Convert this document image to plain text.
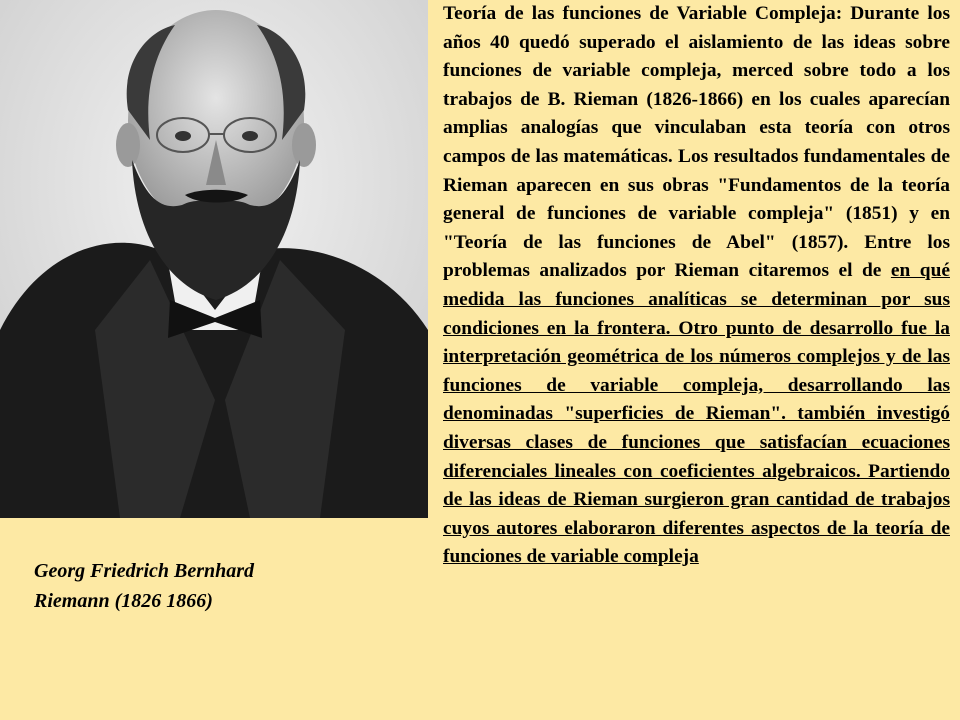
Georg Friedrich Bernhard
Riemann (1826 1866)

Teoría de las funciones de Variable Compleja: Durante los años 40 quedó superado el aislamiento de las ideas sobre funciones de variable compleja, merced sobre todo a los trabajos de B. Rieman (1826-1866) en los cuales aparecían amplias analogías que vinculaban esta teoría con otros campos de las matemáticas. Los resultados fundamentales de Rieman aparecen en sus obras "Fundamentos de la teoría general de funciones de variable compleja" (1851) y en "Teoría de las funciones de Abel" (1857). Entre los problemas analizados por Rieman citaremos el de en qué medida las funciones analíticas se determinan por sus condiciones en la frontera. Otro punto de desarrollo fue la interpretación geométrica de los números complejos y de las funciones de variable compleja, desarrollando las denominadas "superficies de Rieman". también investigó diversas clases de funciones que satisfacían ecuaciones diferenciales lineales con coeficientes algebraicos. Partiendo de las ideas de Rieman surgieron gran cantidad de trabajos cuyos autores elaboraron diferentes aspectos de la teoría de funciones de variable compleja
